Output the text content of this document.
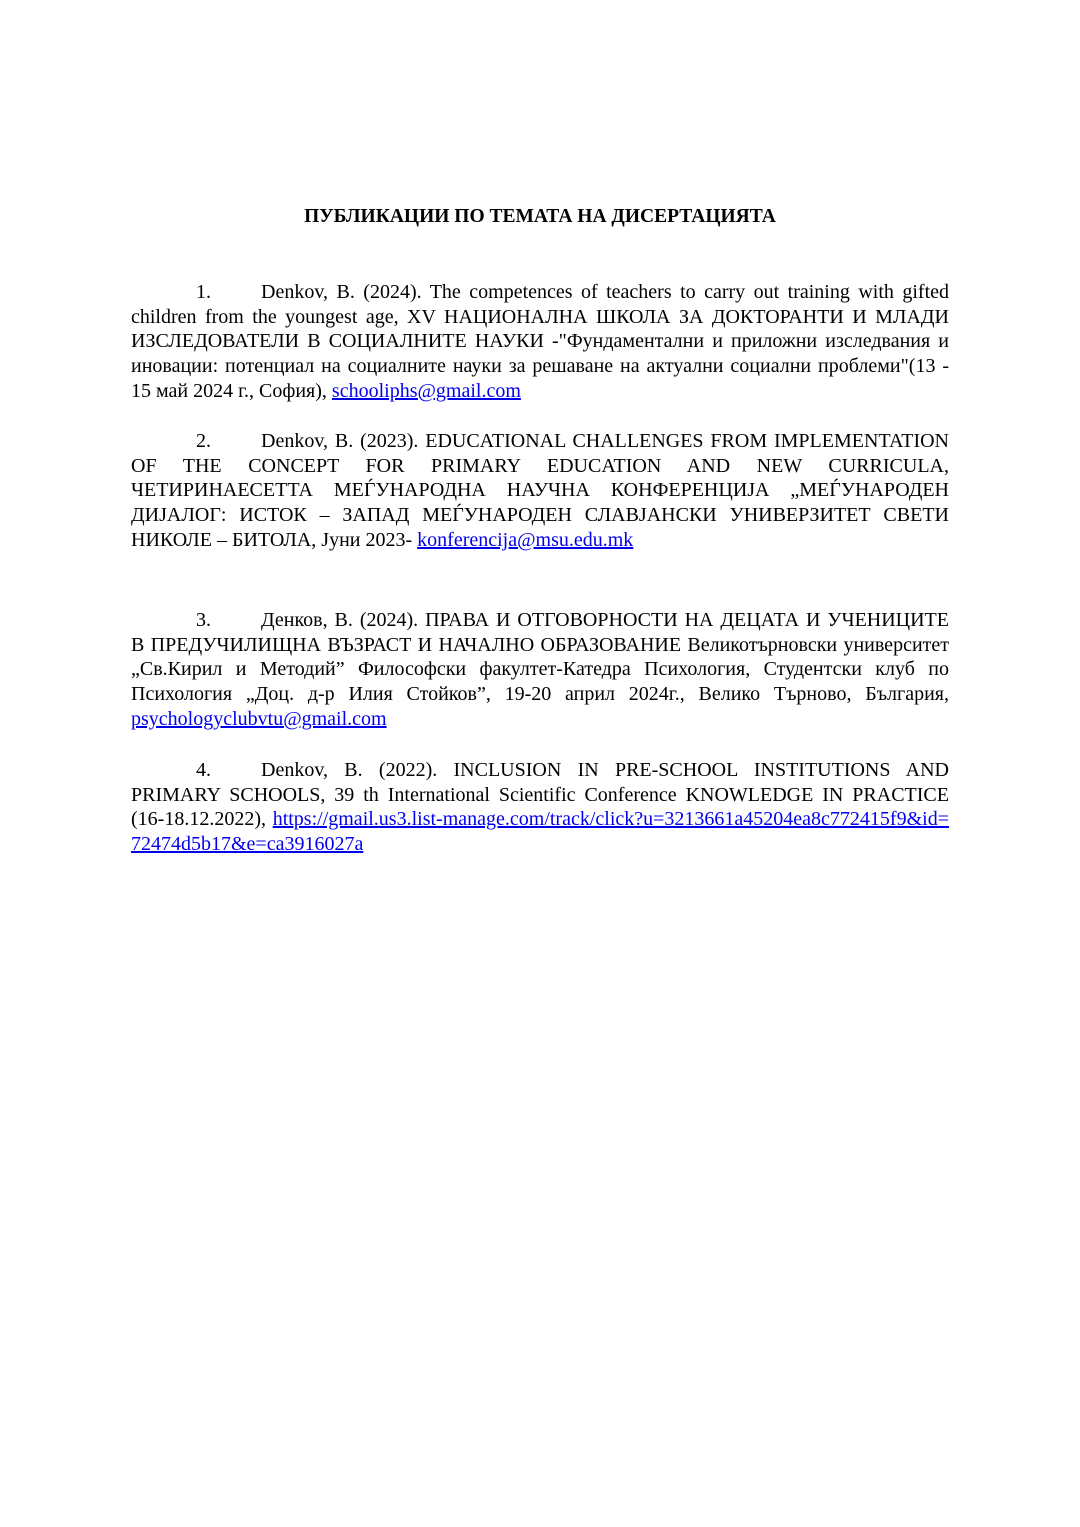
ПУБЛИКАЦИИ ПО ТЕМАТА НА ДИСЕРТАЦИЯТА

1.	Denkov, B. (2024). The competences of teachers to carry out training with gifted children from the youngest age, XV НАЦИОНАЛНА ШКОЛА ЗА ДОКТОРАНТИ И МЛАДИ ИЗСЛЕДОВАТЕЛИ В СОЦИАЛНИТЕ НАУКИ -"Фундаментални и приложни изследвания и иновации: потенциал на социалните науки за решаване на актуални социални проблеми"(13 - 15 май 2024 г., София), schooliphs@gmail.com

2.	Denkov, B. (2023). EDUCATIONAL CHALLENGES FROM IMPLEMENTATION OF THE CONCEPT FOR PRIMARY EDUCATION AND NEW CURRICULA, ЧЕТИРИНАЕСЕТТА МЕЃУНАРОДНА НАУЧНА КОНФЕРЕНЦИЈА „МЕЃУНАРОДЕН ДИЈАЛОГ: ИСТОК – ЗАПАД МЕЃУНАРОДЕН СЛАВЈАНСКИ УНИВЕРЗИТЕТ СВЕТИ НИКОЛЕ – БИТОЛА, Јуни 2023- konferencija@msu.edu.mk

3.	Денков, В. (2024). ПРАВА И ОТГОВОРНОСТИ НА ДЕЦАТА И УЧЕНИЦИТЕ В ПРЕДУЧИЛИЩНА ВЪЗРАСТ И НАЧАЛНО ОБРАЗОВАНИЕ Великотърновски университет „Св.Кирил и Методий” Философски факултет-Катедра Психология, Студентски клуб по Психология „Доц. д-р Илия Стойков”, 19-20 април 2024г., Велико Търново, България, psychologyclubvtu@gmail.com

4.	Denkov, B. (2022). INCLUSION IN PRE-SCHOOL INSTITUTIONS AND PRIMARY SCHOOLS, 39 th International Scientific Conference KNOWLEDGE IN PRACTICE (16-18.12.2022), https://gmail.us3.list-manage.com/track/click?u=3213661a45204ea8c772415f9&id=72474d5b17&e=ca3916027a
